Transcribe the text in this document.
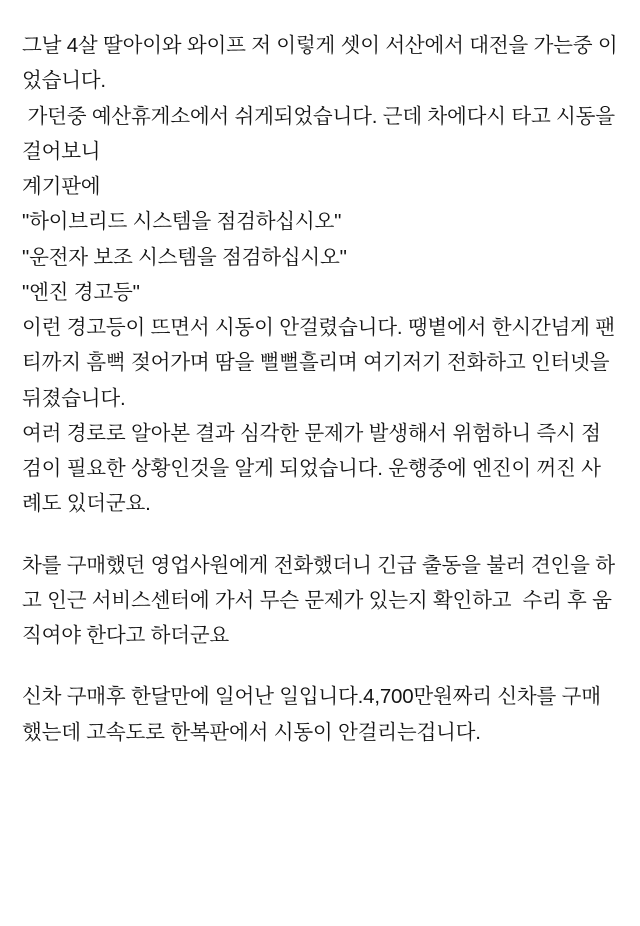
그날 4살 딸아이와 와이프 저 이렇게 셋이 서산에서 대전을 가는중 이었습니다.

가던중 예산휴게소에서 쉬게되었습니다. 근데 차에다시 타고 시동을 걸어보니

계기판에

"하이브리드 시스템을 점검하십시오"

"운전자 보조 시스템을 점검하십시오"

"엔진 경고등"

이런 경고등이 뜨면서 시동이 안걸렸습니다. 땡볕에서 한시간넘게 팬티까지 흠뻑 젖어가며 땀을 뻘뻘흘리며 여기저기 전화하고 인터넷을 뒤졌습니다.

여러 경로로 알아본 결과 심각한 문제가 발생해서 위험하니 즉시 점검이 필요한 상황인것을 알게 되었습니다. 운행중에 엔진이 꺼진 사례도 있더군요.

차를 구매했던 영업사원에게 전화했더니 긴급 출동을 불러 견인을 하고 인근 서비스센터에 가서 무슨 문제가 있는지 확인하고  수리 후 움직여야 한다고 하더군요

신차 구매후 한달만에 일어난 일입니다.4,700만원짜리 신차를 구매했는데 고속도로 한복판에서 시동이 안걸리는겁니다.
